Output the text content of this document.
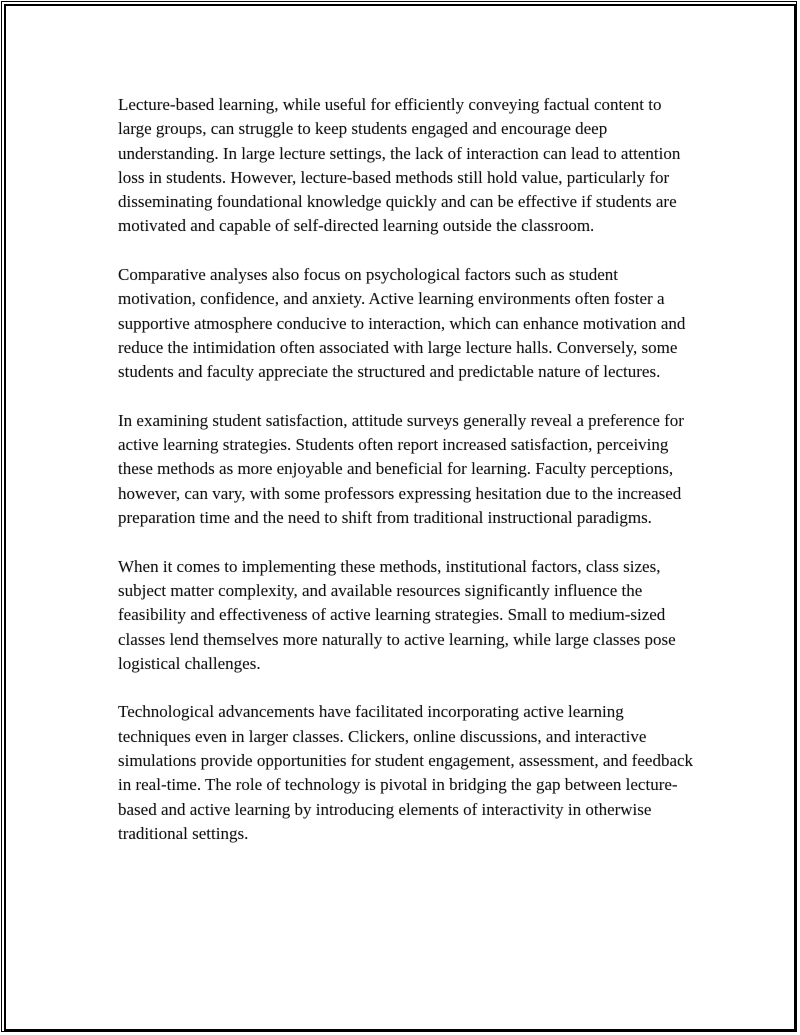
Lecture-based learning, while useful for efficiently conveying factual content to large groups, can struggle to keep students engaged and encourage deep understanding. In large lecture settings, the lack of interaction can lead to attention loss in students. However, lecture-based methods still hold value, particularly for disseminating foundational knowledge quickly and can be effective if students are motivated and capable of self-directed learning outside the classroom.

Comparative analyses also focus on psychological factors such as student motivation, confidence, and anxiety. Active learning environments often foster a supportive atmosphere conducive to interaction, which can enhance motivation and reduce the intimidation often associated with large lecture halls. Conversely, some students and faculty appreciate the structured and predictable nature of lectures.

In examining student satisfaction, attitude surveys generally reveal a preference for active learning strategies. Students often report increased satisfaction, perceiving these methods as more enjoyable and beneficial for learning. Faculty perceptions, however, can vary, with some professors expressing hesitation due to the increased preparation time and the need to shift from traditional instructional paradigms.

When it comes to implementing these methods, institutional factors, class sizes, subject matter complexity, and available resources significantly influence the feasibility and effectiveness of active learning strategies. Small to medium-sized classes lend themselves more naturally to active learning, while large classes pose logistical challenges.

Technological advancements have facilitated incorporating active learning techniques even in larger classes. Clickers, online discussions, and interactive simulations provide opportunities for student engagement, assessment, and feedback in real-time. The role of technology is pivotal in bridging the gap between lecture-based and active learning by introducing elements of interactivity in otherwise traditional settings.
